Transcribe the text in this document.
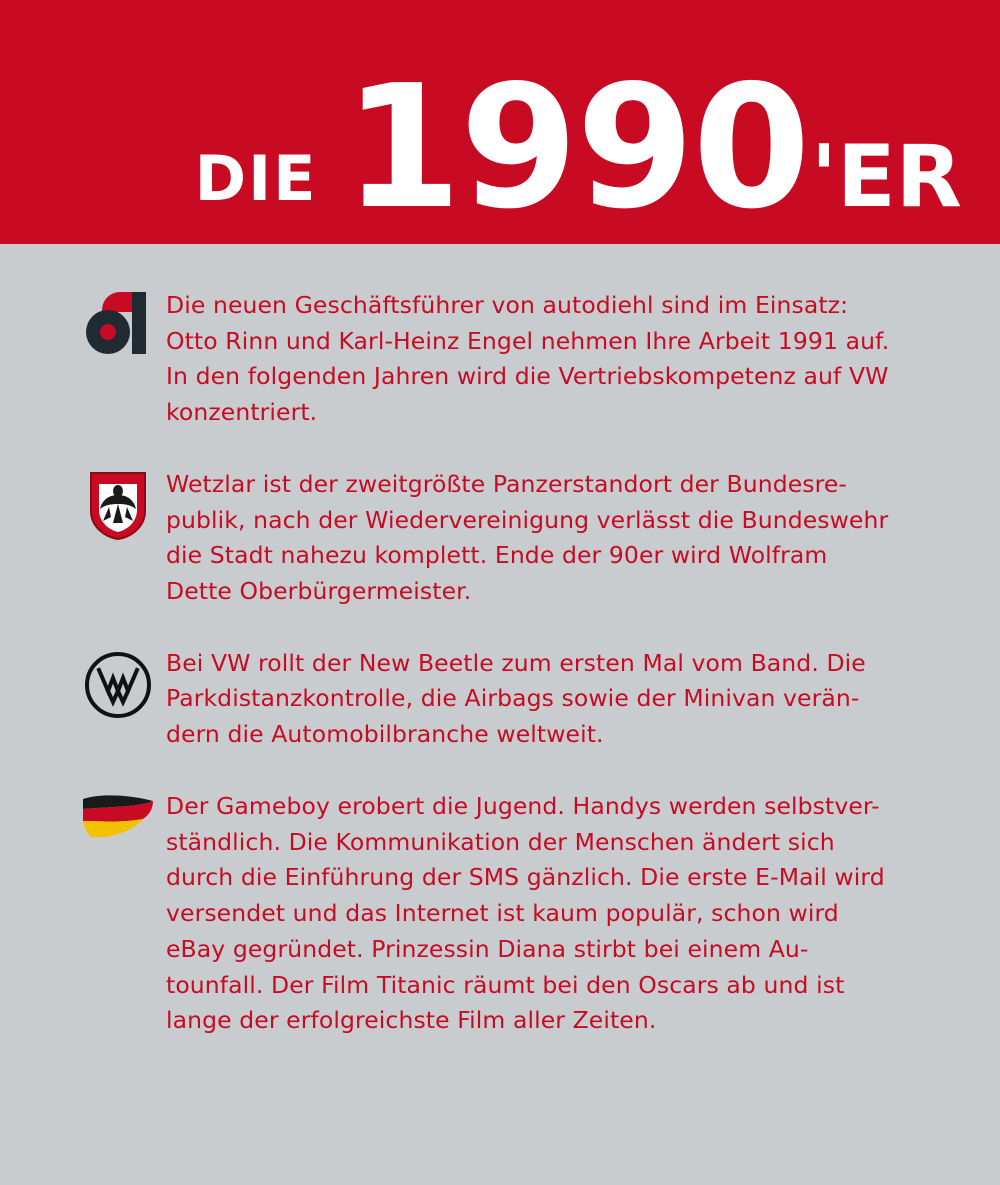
DIE 1990 'ER
Die neuen Geschäftsführer von autodiehl sind im Einsatz: Otto Rinn und Karl-Heinz Engel nehmen Ihre Arbeit 1991 auf. In den folgenden Jahren wird die Vertriebskompetenz auf VW konzentriert.
Wetzlar ist der zweitgrößte Panzerstandort der Bundesre-publik, nach der Wiedervereinigung verlässt die Bundeswehr die Stadt nahezu komplett. Ende der 90er wird Wolfram Dette Oberbürgermeister.
Bei VW rollt der New Beetle zum ersten Mal vom Band. Die Parkdistanzkontrolle, die Airbags sowie der Minivan verän-dern die Automobilbranche weltweit.
Der Gameboy erobert die Jugend. Handys werden selbstver-ständlich. Die Kommunikation der Menschen ändert sich durch die Einführung der SMS gänzlich. Die erste E-Mail wird versendet und das Internet ist kaum populär, schon wird eBay gegründet. Prinzessin Diana stirbt bei einem Au-tounfall. Der Film Titanic räumt bei den Oscars ab und ist lange der erfolgreichste Film aller Zeiten.
